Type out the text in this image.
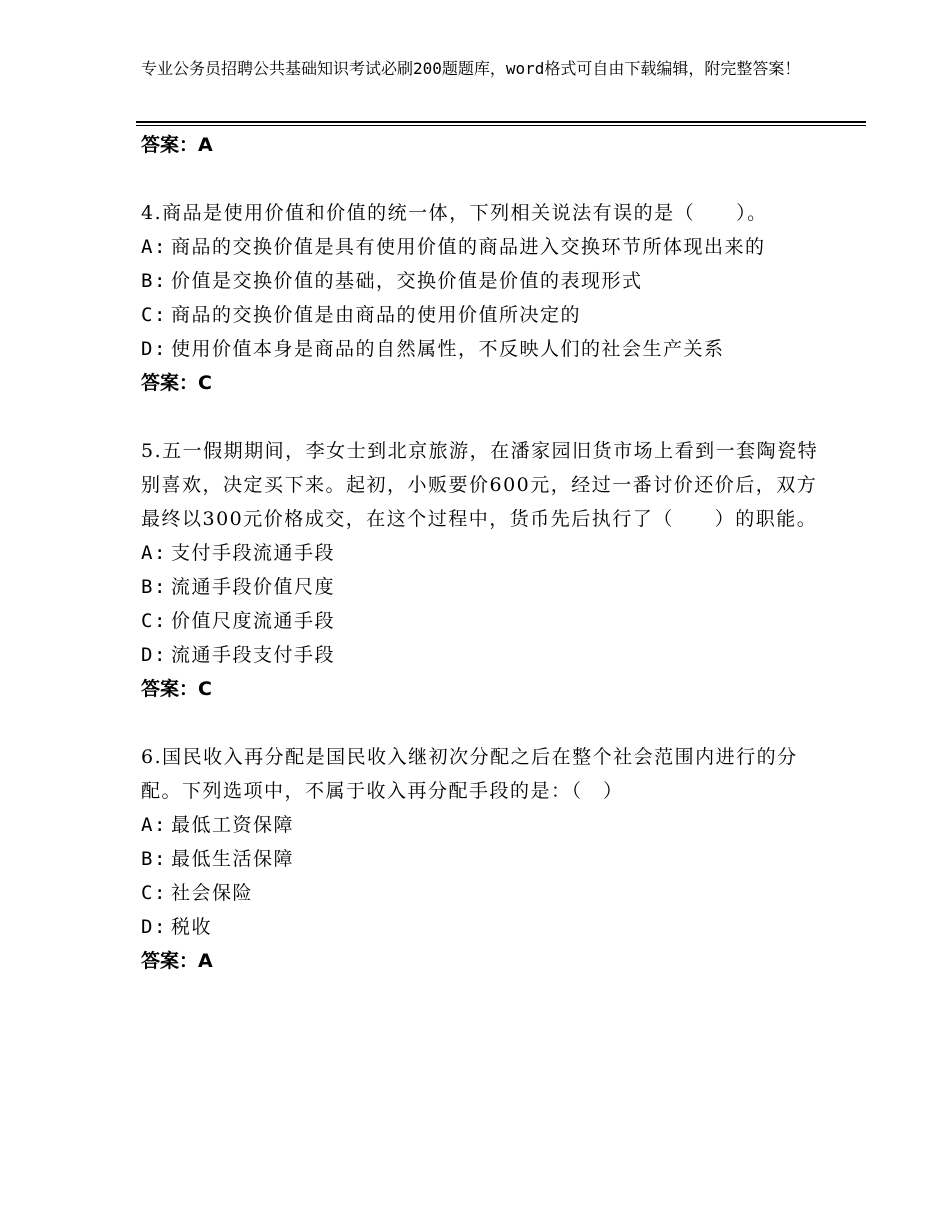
专业公务员招聘公共基础知识考试必刷200题题库，word格式可自由下载编辑，附完整答案！
答案：A
4.商品是使用价值和价值的统一体，下列相关说法有误的是（　　）。
A: 商品的交换价值是具有使用价值的商品进入交换环节所体现出来的
B: 价值是交换价值的基础，交换价值是价值的表现形式
C: 商品的交换价值是由商品的使用价值所决定的
D: 使用价值本身是商品的自然属性，不反映人们的社会生产关系
答案：C
5.五一假期期间，李女士到北京旅游，在潘家园旧货市场上看到一套陶瓷特别喜欢，决定买下来。起初，小贩要价600元，经过一番讨价还价后，双方最终以300元价格成交，在这个过程中，货币先后执行了（　　）的职能。
A: 支付手段流通手段
B: 流通手段价值尺度
C: 价值尺度流通手段
D: 流通手段支付手段
答案：C
6.国民收入再分配是国民收入继初次分配之后在整个社会范围内进行的分配。下列选项中，不属于收入再分配手段的是：（　）
A: 最低工资保障
B: 最低生活保障
C: 社会保险
D: 税收
答案：A
